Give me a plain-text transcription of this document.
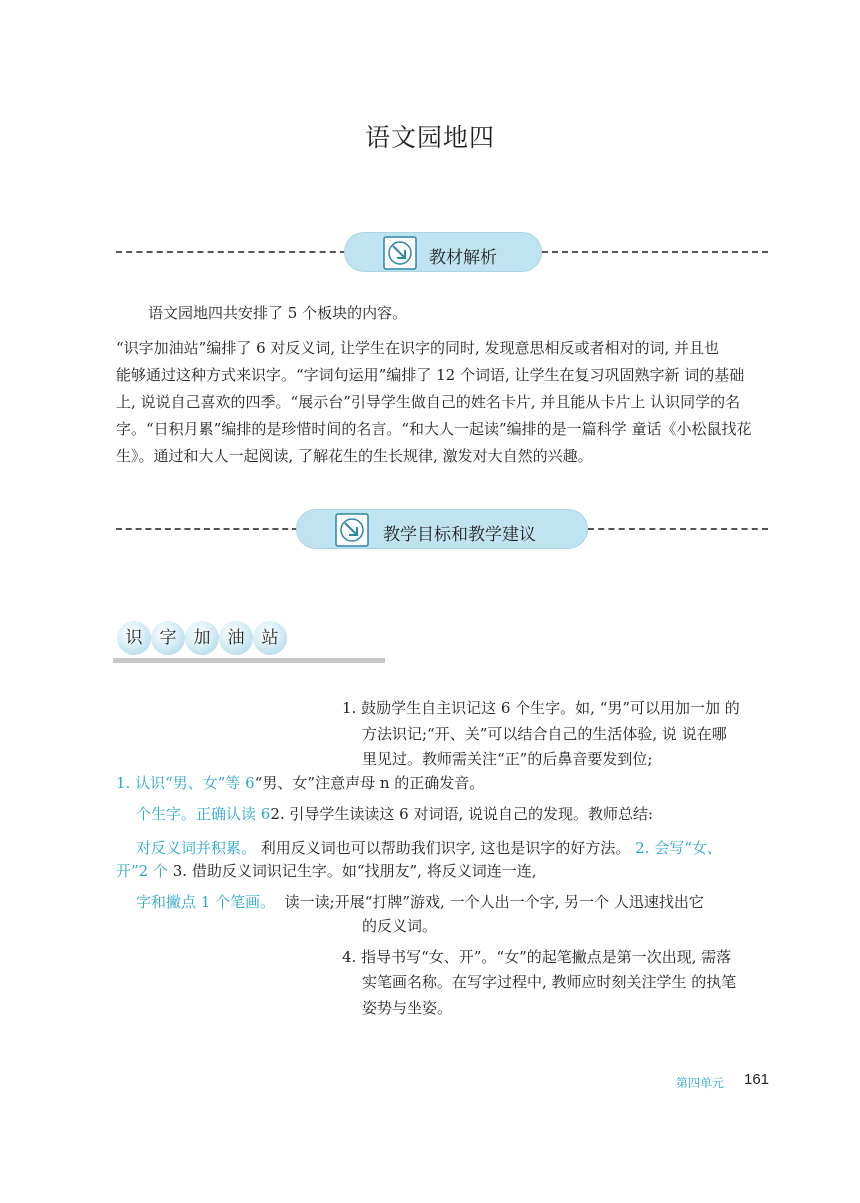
语文园地四
教材解析
语文园地四共安排了 5 个板块的内容。
“识字加油站”编排了 6 对反义词, 让学生在识字的同时, 发现意思相反或者相对的词, 并且也
能够通过这种方式来识字。“字词句运用”编排了 12 个词语, 让学生在复习巩固熟字新 词的基础
上, 说说自己喜欢的四季。“展示台”引导学生做自己的姓名卡片, 并且能从卡片上 认识同学的名
字。“日积月累”编排的是珍惜时间的名言。“和大人一起读”编排的是一篇科学 童话《小松鼠找花
生》。通过和大人一起阅读, 了解花生的生长规律, 激发对大自然的兴趣。
教学目标和教学建议
识	字	加	油	站
1. 鼓励学生自主识记这 6 个生字。如, “男”可以用加一加 的
方法识记;“开、关”可以结合自己的生活体验, 说 说在哪
里见过。教师需关注“正”的后鼻音要发到位;
1. 认识“男、女”等 6“男、女”注意声母 n 的正确发音。
个生字。正确认读 62. 引导学生读读这 6 对词语, 说说自己的发现。教师总结:
对反义词并积累。 利用反义词也可以帮助我们识字, 这也是识字的好方法。 2. 会写“女、
开”2 个 3. 借助反义词识记生字。如“找朋友”, 将反义词连一连,
字和撇点 1 个笔画。 读一读;开展“打牌”游戏, 一个人出一个字, 另一个 人迅速找出它
的反义词。
4. 指导书写“女、开”。“女”的起笔撇点是第一次出现, 需落
实笔画名称。在写字过程中, 教师应时刻关注学生 的执笔
姿势与坐姿。
第四单元 161
